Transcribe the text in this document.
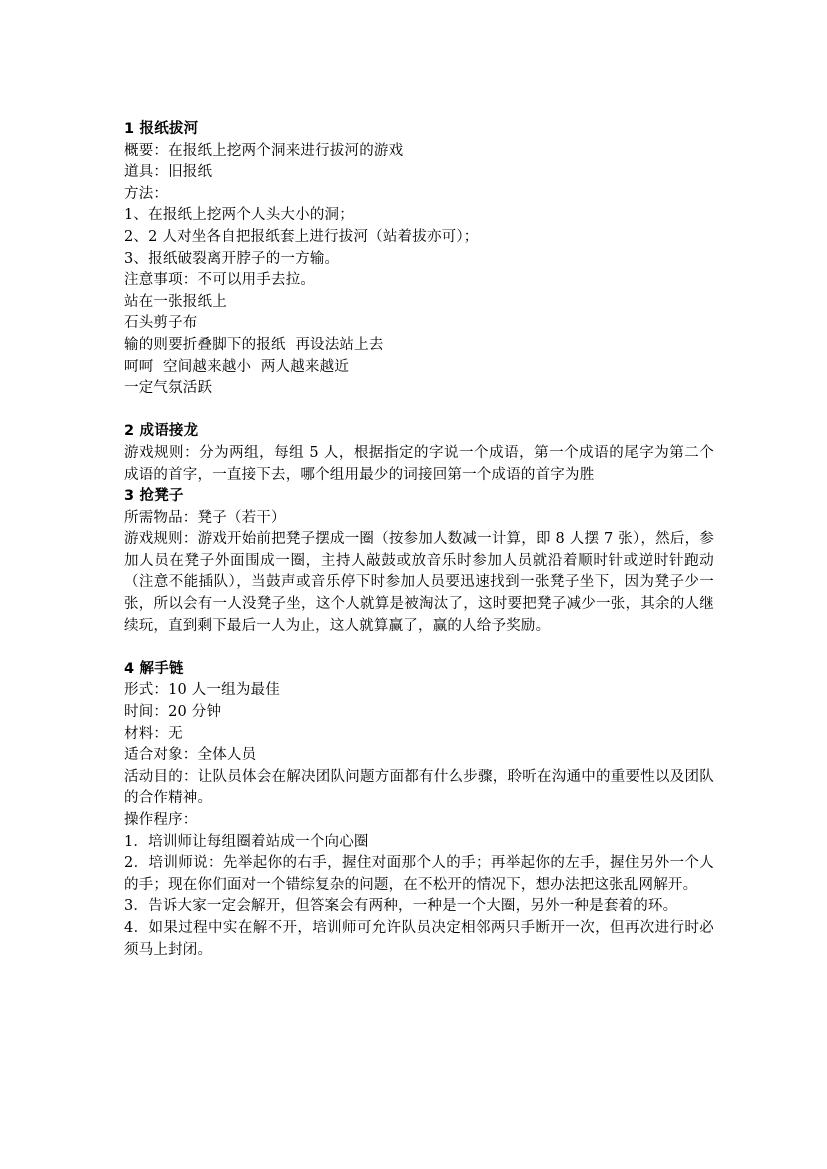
1 报纸拔河
概要：在报纸上挖两个洞来进行拔河的游戏
道具：旧报纸
方法：
1、在报纸上挖两个人头大小的洞；
2、2 人对坐各自把报纸套上进行拔河（站着拔亦可）；
3、报纸破裂离开脖子的一方输。
注意事项：不可以用手去拉。
站在一张报纸上
石头剪子布
输的则要折叠脚下的报纸  再设法站上去
呵呵  空间越来越小  两人越来越近
一定气氛活跃
2 成语接龙
游戏规则：分为两组，每组 5 人，根据指定的字说一个成语，第一个成语的尾字为第二个成语的首字，一直接下去，哪个组用最少的词接回第一个成语的首字为胜
3 抢凳子
所需物品：凳子（若干）
游戏规则：游戏开始前把凳子摆成一圈（按参加人数减一计算，即 8 人摆 7 张），然后，参加人员在凳子外面围成一圈，主持人敲鼓或放音乐时参加人员就沿着顺时针或逆时针跑动（注意不能插队），当鼓声或音乐停下时参加人员要迅速找到一张凳子坐下，因为凳子少一张，所以会有一人没凳子坐，这个人就算是被淘汰了，这时要把凳子减少一张，其余的人继续玩，直到剩下最后一人为止，这人就算赢了，赢的人给予奖励。
4 解手链
形式：10 人一组为最佳
时间：20 分钟
材料：无
适合对象：全体人员
活动目的：让队员体会在解决团队问题方面都有什么步骤，聆听在沟通中的重要性以及团队的合作精神。
操作程序：
1．培训师让每组圈着站成一个向心圈
2．培训师说：先举起你的右手，握住对面那个人的手；再举起你的左手，握住另外一个人的手；现在你们面对一个错综复杂的问题，在不松开的情况下，想办法把这张乱网解开。
3．告诉大家一定会解开，但答案会有两种，一种是一个大圈，另外一种是套着的环。
4．如果过程中实在解不开，培训师可允许队员决定相邻两只手断开一次，但再次进行时必须马上封闭。
